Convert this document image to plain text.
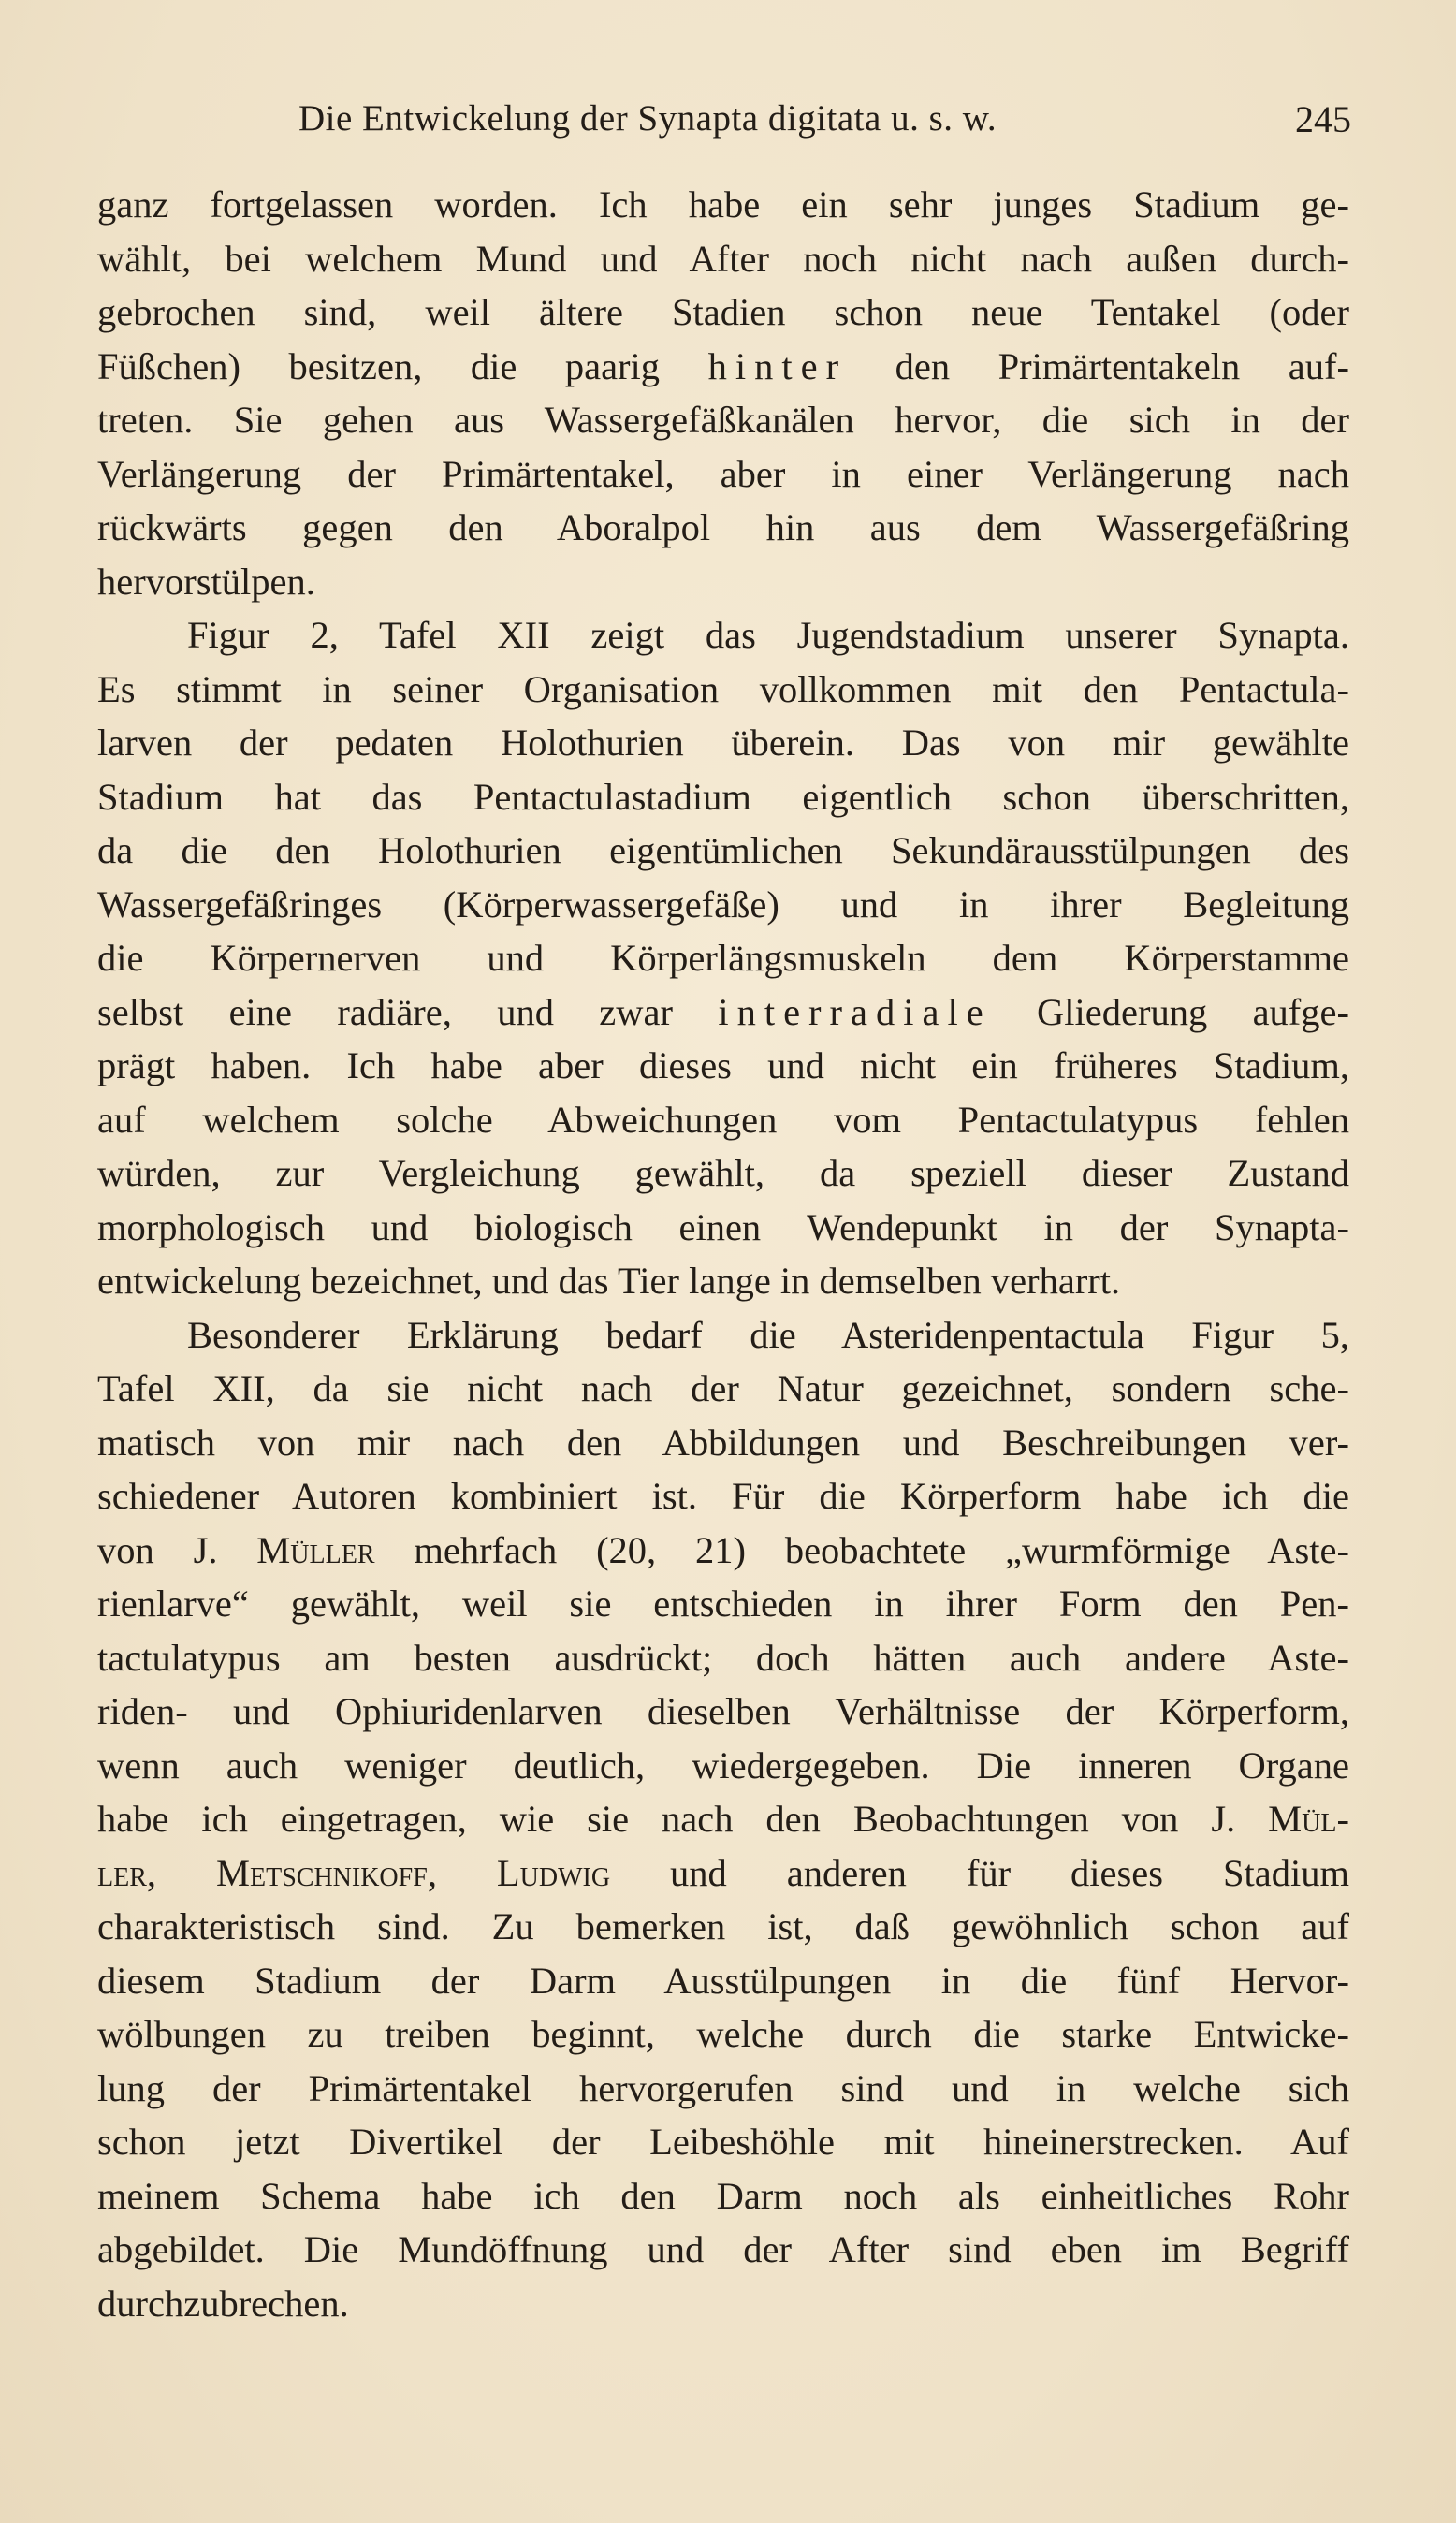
Die Entwickelung der Synapta digitata u. s. w.	245
ganz fortgelassen worden. Ich habe ein sehr junges Stadium ge-
wählt, bei welchem Mund und After noch nicht nach außen durch-
gebrochen sind, weil ältere Stadien schon neue Tentakel (oder
Füßchen) besitzen, die paarig hinter den Primärtentakeln auf-
treten. Sie gehen aus Wassergefäßkanälen hervor, die sich in der
Verlängerung der Primärtentakel, aber in einer Verlängerung nach
rückwärts gegen den Aboralpol hin aus dem Wassergefäßring
hervorstülpen.
Figur 2, Tafel XII zeigt das Jugendstadium unserer Synapta.
Es stimmt in seiner Organisation vollkommen mit den Pentactula-
larven der pedaten Holothurien überein. Das von mir gewählte
Stadium hat das Pentactulastadium eigentlich schon überschritten,
da die den Holothurien eigentümlichen Sekundärausstülpungen des
Wassergefäßringes (Körperwassergefäße) und in ihrer Begleitung
die Körpernerven und Körperlängsmuskeln dem Körperstamme
selbst eine radiäre, und zwar interradiale Gliederung aufge-
prägt haben. Ich habe aber dieses und nicht ein früheres Stadium,
auf welchem solche Abweichungen vom Pentactulatypus fehlen
würden, zur Vergleichung gewählt, da speziell dieser Zustand
morphologisch und biologisch einen Wendepunkt in der Synapta-
entwickelung bezeichnet, und das Tier lange in demselben verharrt.
Besonderer Erklärung bedarf die Asteridenpentactula Figur 5,
Tafel XII, da sie nicht nach der Natur gezeichnet, sondern sche-
matisch von mir nach den Abbildungen und Beschreibungen ver-
schiedener Autoren kombiniert ist. Für die Körperform habe ich die
von J. Müller mehrfach (20, 21) beobachtete „wurmförmige Aste-
rienlarve“ gewählt, weil sie entschieden in ihrer Form den Pen-
tactulatypus am besten ausdrückt; doch hätten auch andere Aste-
riden- und Ophiuridenlarven dieselben Verhältnisse der Körperform,
wenn auch weniger deutlich, wiedergegeben. Die inneren Organe
habe ich eingetragen, wie sie nach den Beobachtungen von J. Mül-
ler, Metschnikoff, Ludwig und anderen für dieses Stadium
charakteristisch sind. Zu bemerken ist, daß gewöhnlich schon auf
diesem Stadium der Darm Ausstülpungen in die fünf Hervor-
wölbungen zu treiben beginnt, welche durch die starke Entwicke-
lung der Primärtentakel hervorgerufen sind und in welche sich
schon jetzt Divertikel der Leibeshöhle mit hineinerstrecken. Auf
meinem Schema habe ich den Darm noch als einheitliches Rohr
abgebildet. Die Mundöffnung und der After sind eben im Begriff
durchzubrechen.
